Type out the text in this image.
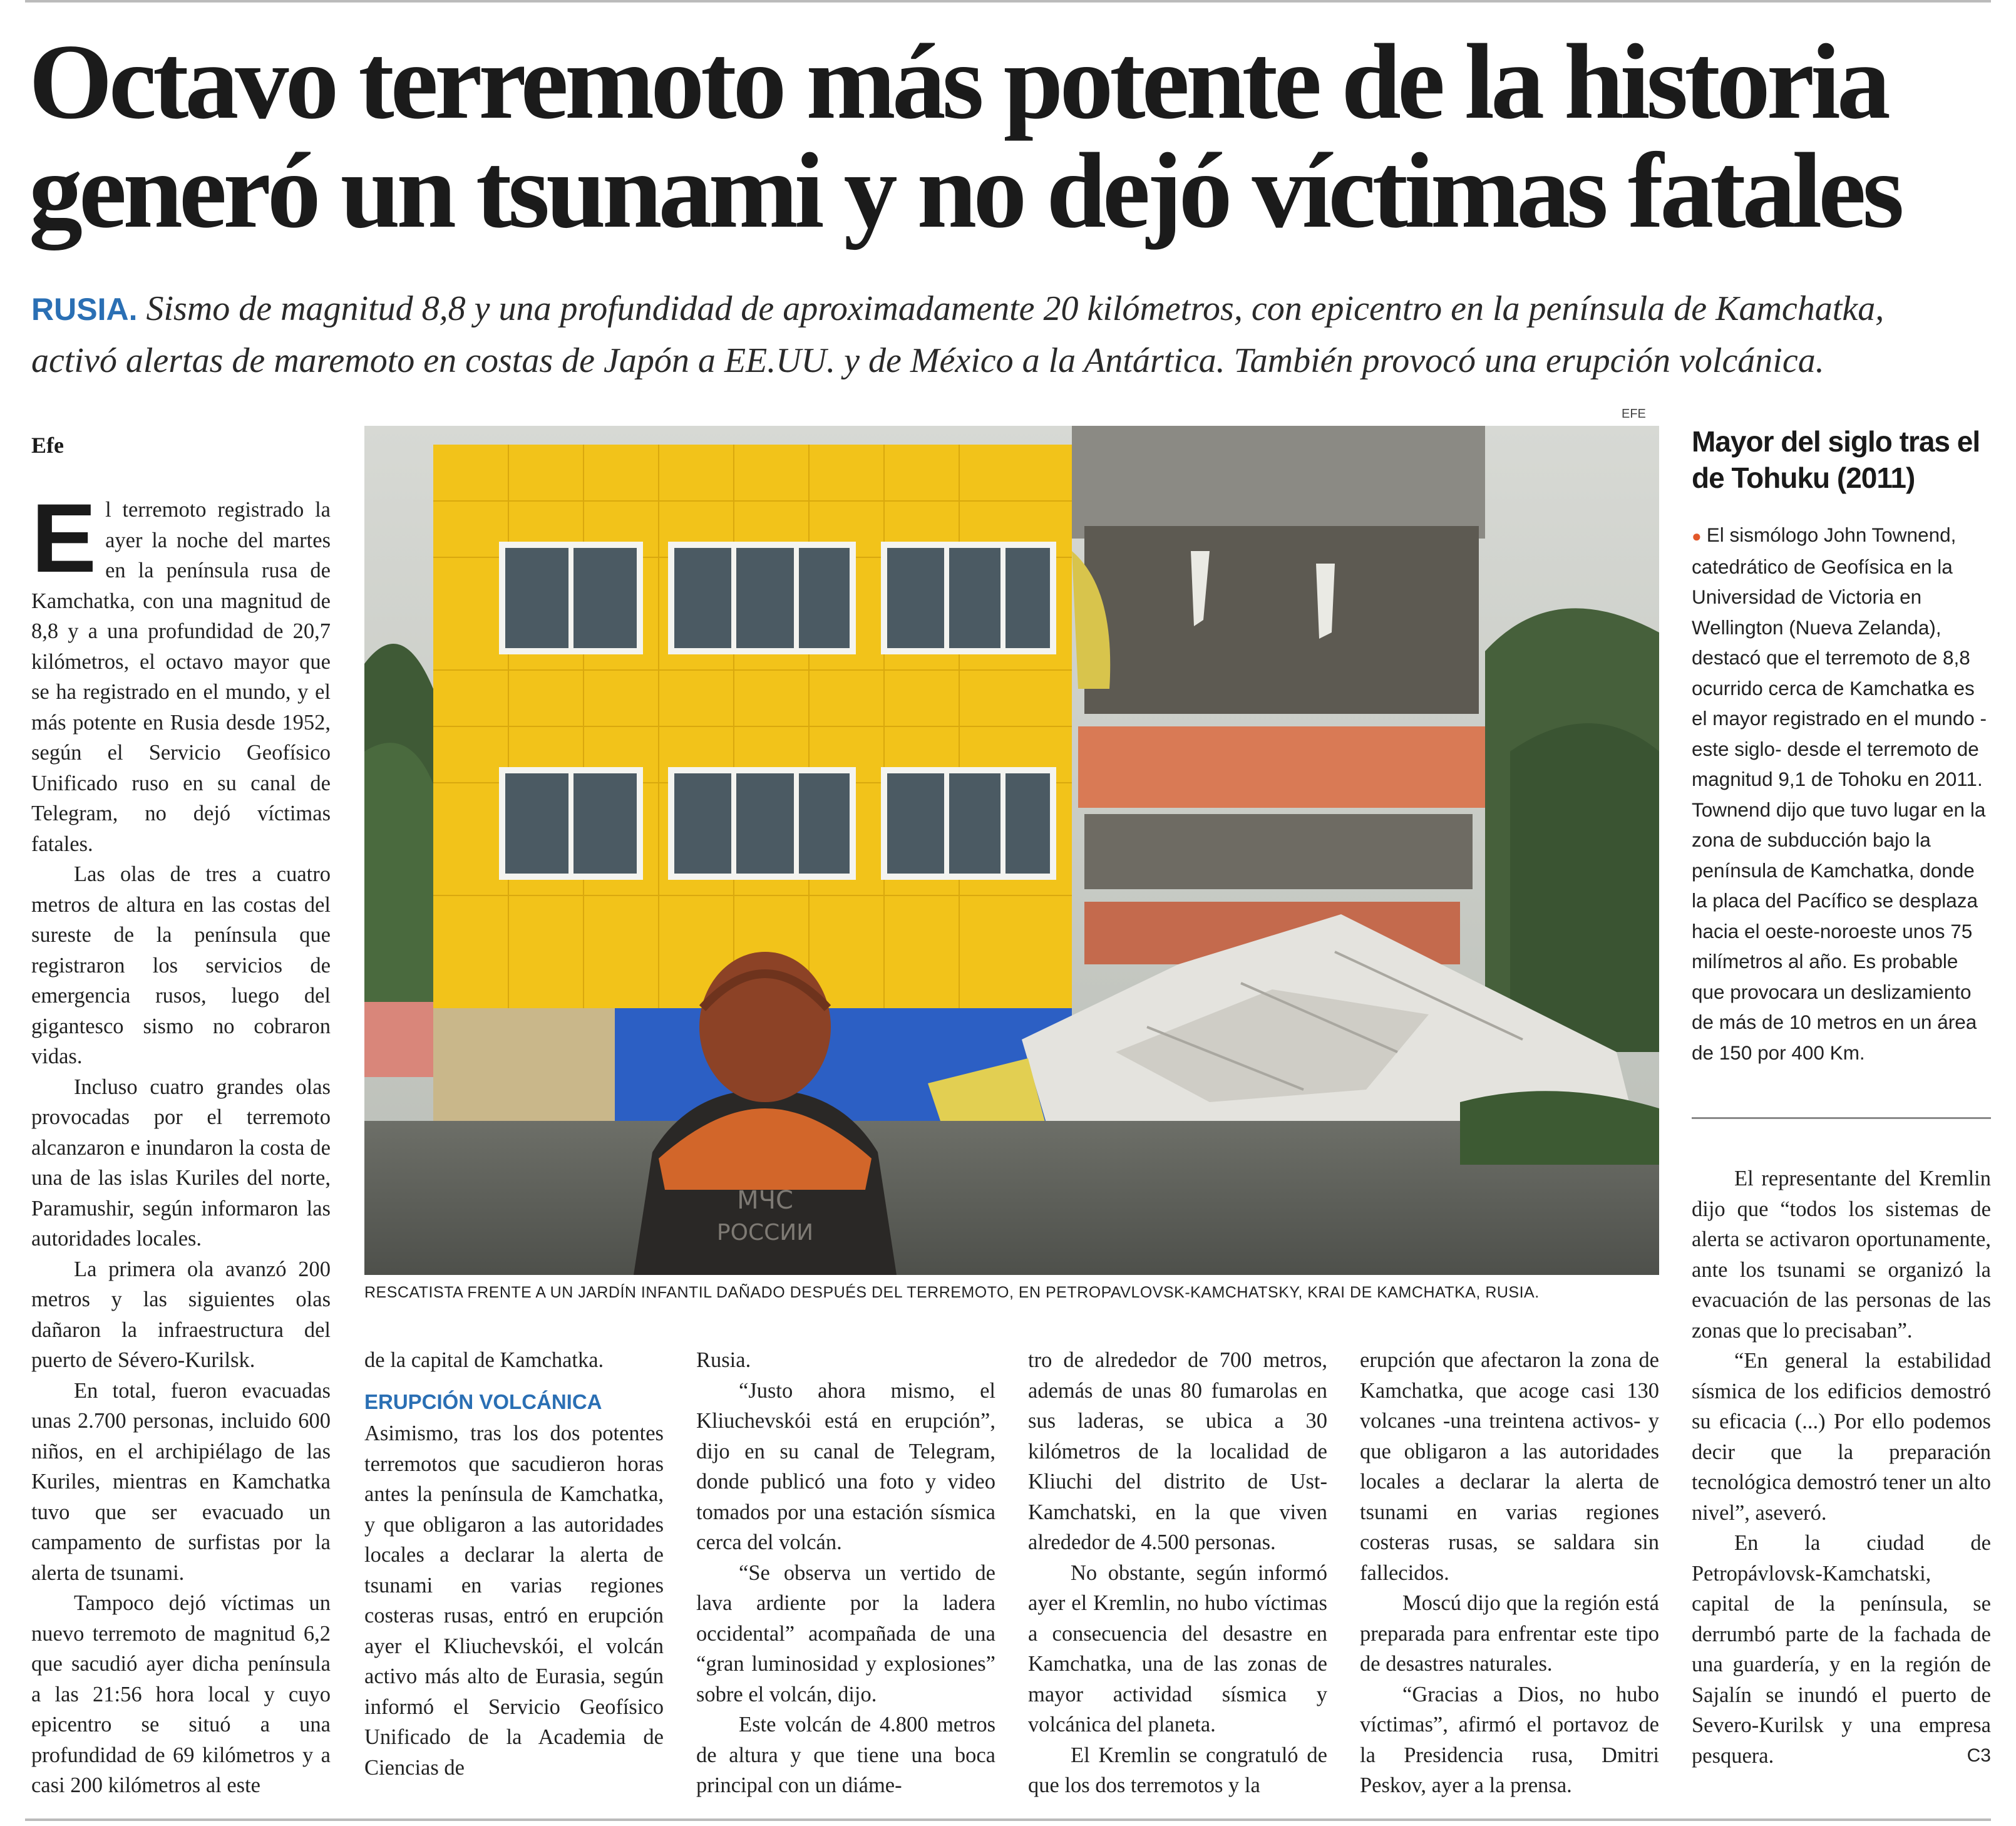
Octavo terremoto más potente de la historia
generó un tsunami y no dejó víctimas fatales
RUSIA. Sismo de magnitud 8,8 y una profundidad de aproximadamente 20 kilómetros, con epicentro en la península de Kamchatka,
activó alertas de maremoto en costas de Japón a EE.UU. y de México a la Antártica. También provocó una erupción volcánica.
Efe

El terremoto registrado la ayer la noche del martes en la península rusa de Kamchatka, con una magnitud de 8,8 y a una profundidad de 20,7 kilómetros, el octavo mayor que se ha registrado en el mundo, y el más potente en Rusia desde 1952, según el Servicio Geofísico Unificado ruso en su canal de Telegram, no dejó víctimas fatales.

Las olas de tres a cuatro metros de altura en las costas del sureste de la península que registraron los servicios de emergencia rusos, luego del gigantesco sismo no cobraron vidas.

Incluso cuatro grandes olas provocadas por el terremoto alcanzaron e inundaron la costa de una de las islas Kuriles del norte, Paramushir, según informaron las autoridades locales.

La primera ola avanzó 200 metros y las siguientes olas dañaron la infraestructura del puerto de Sévero-Kurilsk.

En total, fueron evacuadas unas 2.700 personas, incluido 600 niños, en el archipiélago de las Kuriles, mientras en Kamchatka tuvo que ser evacuado un campamento de surfistas por la alerta de tsunami.

Tampoco dejó víctimas un nuevo terremoto de magnitud 6,2 que sacudió ayer dicha península a las 21:56 hora local y cuyo epicentro se situó a una profundidad de 69 kilómetros y a casi 200 kilómetros al este

EFE
МЧС
РОССИИ
RESCATISTA FRENTE A UN JARDÍN INFANTIL DAÑADO DESPUÉS DEL TERREMOTO, EN PETROPAVLOVSK-KAMCHATSKY, KRAI DE KAMCHATKA, RUSIA.

de la capital de Kamchatka.

ERUPCIÓN VOLCÁNICA

Asimismo, tras los dos potentes terremotos que sacudieron horas antes la península de Kamchatka, y que obligaron a las autoridades locales a declarar la alerta de tsunami en varias regiones costeras rusas, entró en erupción ayer el Kliuchevskói, el volcán activo más alto de Eurasia, según informó el Servicio Geofísico Unificado de la Academia de Ciencias de

Rusia.

“Justo ahora mismo, el Kliuchevskói está en erupción”, dijo en su canal de Telegram, donde publicó una foto y video tomados por una estación sísmica cerca del volcán.

“Se observa un vertido de lava ardiente por la ladera occidental” acompañada de una “gran luminosidad y explosiones” sobre el volcán, dijo.

Este volcán de 4.800 metros de altura y que tiene una boca principal con un diáme-

tro de alrededor de 700 metros, además de unas 80 fumarolas en sus laderas, se ubica a 30 kilómetros de la localidad de Kliuchi del distrito de Ust-Kamchatski, en la que viven alrededor de 4.500 personas.

No obstante, según informó ayer el Kremlin, no hubo víctimas a consecuencia del desastre en Kamchatka, una de las zonas de mayor actividad sísmica y volcánica del planeta.

El Kremlin se congratuló de que los dos terremotos y la

erupción que afectaron la zona de Kamchatka, que acoge casi 130 volcanes -una treintena activos- y que obligaron a las autoridades locales a declarar la alerta de tsunami en varias regiones costeras rusas, se saldara sin fallecidos.

Moscú dijo que la región está preparada para enfrentar este tipo de desastres naturales.

“Gracias a Dios, no hubo víctimas”, afirmó el portavoz de la Presidencia rusa, Dmitri Peskov, ayer a la prensa.

Mayor del siglo tras el de Tohuku (2011)
● El sismólogo John Townend, catedrático de Geofísica en la Universidad de Victoria en Wellington (Nueva Zelanda), destacó que el terremoto de 8,8 ocurrido cerca de Kamchatka es el mayor registrado en el mundo -este siglo- desde el terremoto de magnitud 9,1 de Tohoku en 2011. Townend dijo que tuvo lugar en la zona de subducción bajo la península de Kamchatka, donde la placa del Pacífico se desplaza hacia el oeste-noroeste unos 75 milímetros al año. Es probable que provocara un deslizamiento de más de 10 metros en un área de 150 por 400 Km.

El representante del Kremlin dijo que “todos los sistemas de alerta se activaron oportunamente, ante los tsunami se organizó la evacuación de las personas de las zonas que lo precisaban”.

“En general la estabilidad sísmica de los edificios demostró su eficacia (...) Por ello podemos decir que la preparación tecnológica demostró tener un alto nivel”, aseveró.

En la ciudad de Petropávlovsk-Kamchatski, capital de la península, se derrumbó parte de la fachada de una guardería, y en la región de Sajalín se inundó el puerto de Severo-Kurilsk y una empresa pesquera.	C3
